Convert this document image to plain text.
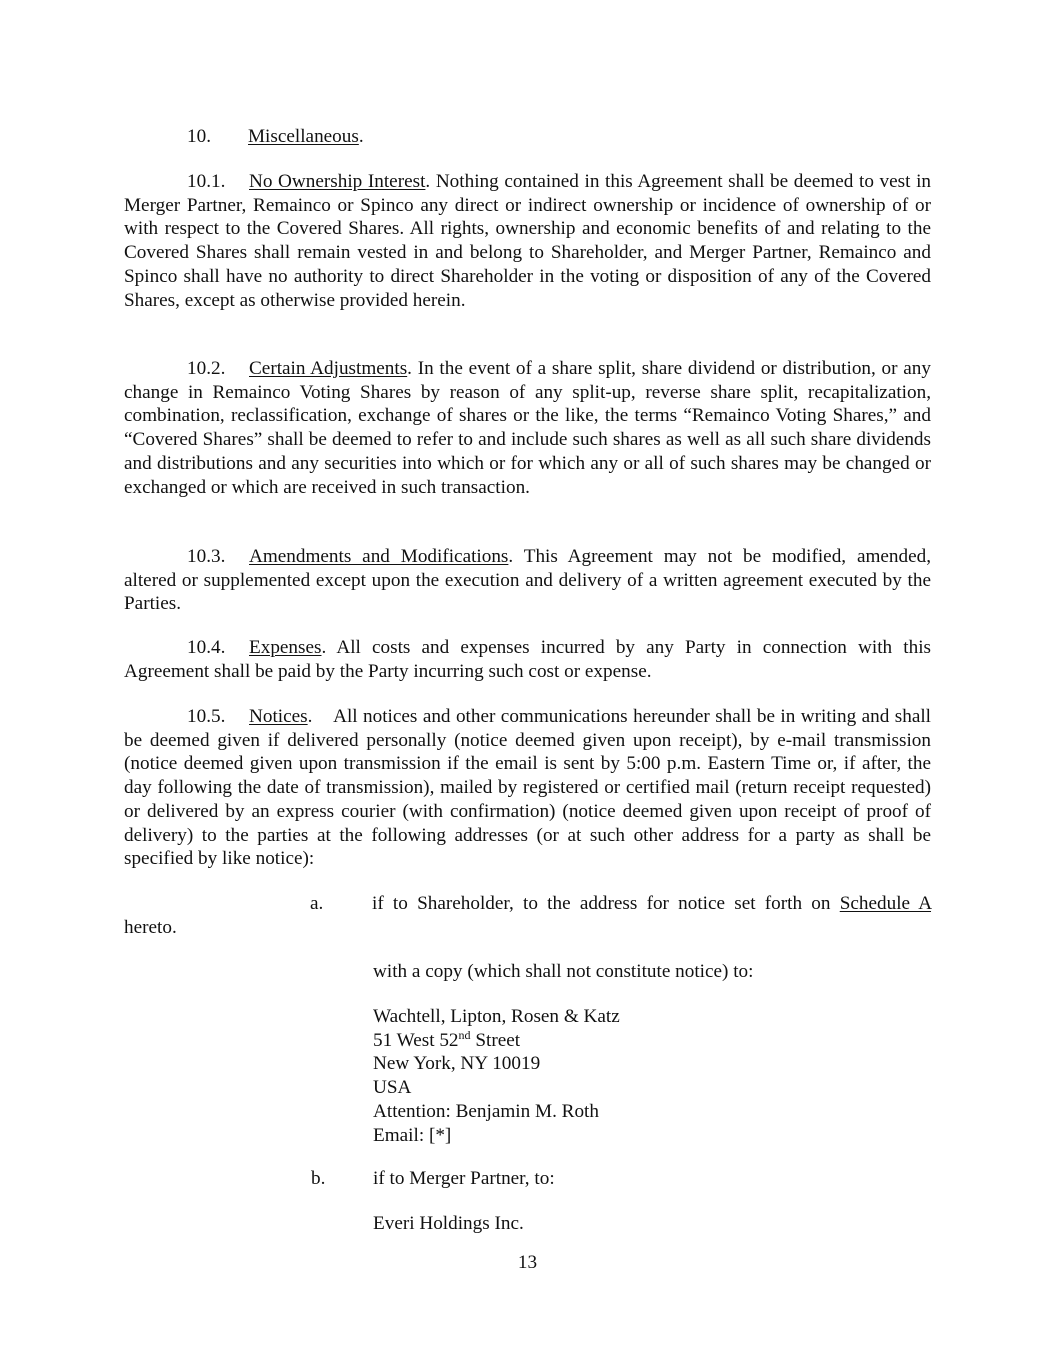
10. Miscellaneous.

10.1. No Ownership Interest. Nothing contained in this Agreement shall be deemed to vest in Merger Partner, Remainco or Spinco any direct or indirect ownership or incidence of ownership of or with respect to the Covered Shares. All rights, ownership and economic benefits of and relating to the Covered Shares shall remain vested in and belong to Shareholder, and Merger Partner, Remainco and Spinco shall have no authority to direct Shareholder in the voting or disposition of any of the Covered Shares, except as otherwise provided herein.

10.2. Certain Adjustments. In the event of a share split, share dividend or distribution, or any change in Remainco Voting Shares by reason of any split-up, reverse share split, recapitalization, combination, reclassification, exchange of shares or the like, the terms “Remainco Voting Shares,” and “Covered Shares” shall be deemed to refer to and include such shares as well as all such share dividends and distributions and any securities into which or for which any or all of such shares may be changed or exchanged or which are received in such transaction.

10.3. Amendments and Modifications. This Agreement may not be modified, amended, altered or supplemented except upon the execution and delivery of a written agreement executed by the Parties.

10.4. Expenses. All costs and expenses incurred by any Party in connection with this Agreement shall be paid by the Party incurring such cost or expense.

10.5. Notices.    All notices and other communications hereunder shall be in writing and shall be deemed given if delivered personally (notice deemed given upon receipt), by e-mail transmission (notice deemed given upon transmission if the email is sent by 5:00 p.m. Eastern Time or, if after, the day following the date of transmission), mailed by registered or certified mail (return receipt requested) or delivered by an express courier (with confirmation) (notice deemed given upon receipt of proof of delivery) to the parties at the following addresses (or at such other address for a party as shall be specified by like notice):

a.	if to Shareholder, to the address for notice set forth on Schedule A hereto.

with a copy (which shall not constitute notice) to:
Wachtell, Lipton, Rosen & Katz
51 West 52nd Street
New York, NY 10019
USA
Attention: Benjamin M. Roth
Email: [*]
b. if to Merger Partner, to:
Everi Holdings Inc.
13
